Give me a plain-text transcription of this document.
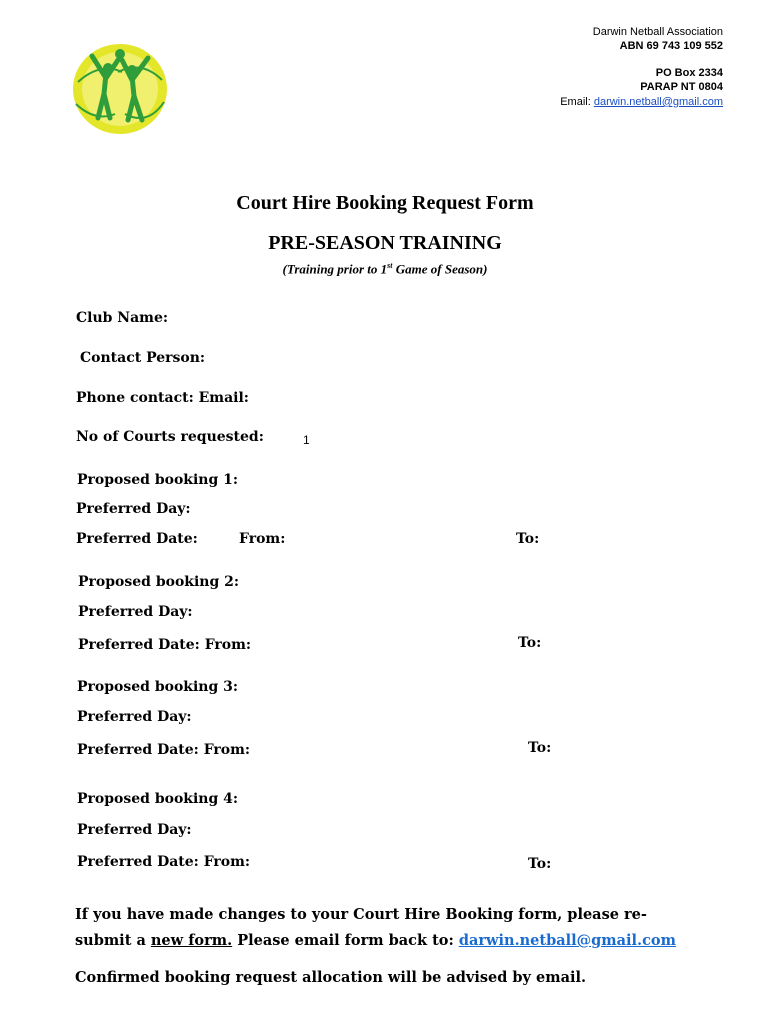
Darwin Netball Association
ABN 69 743 109 552
PO Box 2334
PARAP NT 0804
Email: darwin.netball@gmail.com
Court Hire Booking Request Form
PRE-SEASON TRAINING
(Training prior to 1st Game of Season)
Club Name:
Contact Person:
Phone contact: Email:
No of Courts requested:	1
Proposed booking 1:
Preferred Day:
Preferred Date:	From:	To:
Proposed booking 2:
Preferred Day:
Preferred Date: From:	To:
Proposed booking 3:
Preferred Day:
Preferred Date: From:	To:
Proposed booking 4:
Preferred Day:
Preferred Date: From:	To:
If you have made changes to your Court Hire Booking form, please re-
submit a new form. Please email form back to: darwin.netball@gmail.com
Confirmed booking request allocation will be advised by email.
